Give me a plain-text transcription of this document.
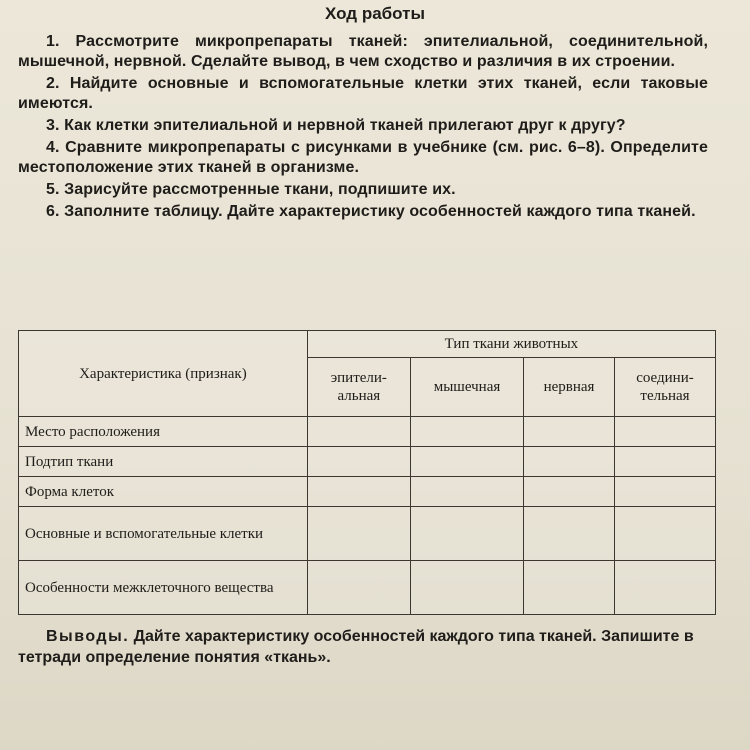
Ход работы

1. Рассмотрите микропрепараты тканей: эпителиальной, соединительной, мышечной, нервной. Сделайте вывод, в чем сходство и различия в их строении.

2. Найдите основные и вспомогательные клетки этих тканей, если таковые имеются.

3. Как клетки эпителиальной и нервной тканей прилегают друг к другу?

4. Сравните микропрепараты с рисунками в учебнике (см. рис. 6–8). Определите местоположение этих тканей в организме.

5. Зарисуйте рассмотренные ткани, подпишите их.

6. Заполните таблицу. Дайте характеристику особенностей каждого типа тканей.

Характеристика (признак)	Тип ткани животных			
	эпители-альная	мышечная	нервная	соедини-тельная
Место расположения				
Подтип ткани				
Форма клеток				
Основные и вспомогательные клетки				
Особенности межклеточного вещества				
Выводы. Дайте характеристику особенностей каждого типа тканей. Запишите в тетради определение понятия «ткань».
